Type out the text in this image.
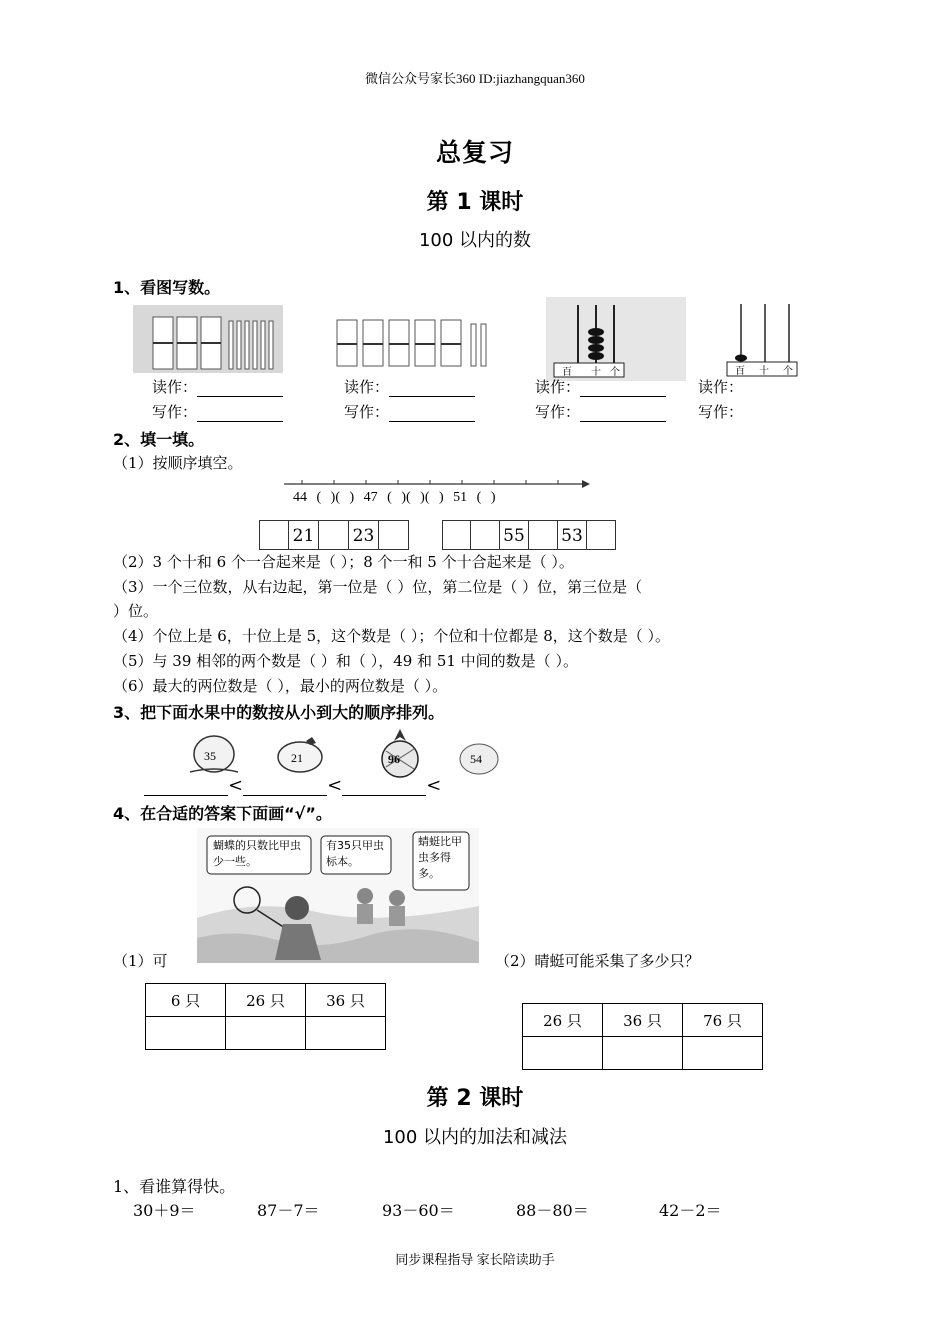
微信公众号家长360 ID:jiazhangquan360
总复习
第 1 课时
100 以内的数
1、看图写数。
百 十 个	百 十 个
读作：	读作：	读作：	读作：
写作：	写作：	写作：	写作：
2、填一填。
（1）按顺序填空。
44 ( )( ) 47 ( )( )( ) 51 ( )
21 23	55 53
（2）3 个十和 6 个一合起来是（ ）；8 个一和 5 个十合起来是（ ）。
（3）一个三位数，从右边起，第一位是（ ）位，第二位是（ ）位，第三位是（
）位。
（4）个位上是 6，十位上是 5，这个数是（ ）；个位和十位都是 8，这个数是（ ）。
（5）与 39 相邻的两个数是（ ）和（ ），49 和 51 中间的数是（ ）。
（6）最大的两位数是（ ），最小的两位数是（ ）。
3、把下面水果中的数按从小到大的顺序排列。
35	21	96	54
<	<	<
4、在合适的答案下面画“√”。
蝴蝶的只数比甲虫少一些。
有35只甲虫标本。
蜻蜓比甲虫多得多。
（1）可	（2）晴蜓可能采集了多少只？
6 只	26 只	36 只

26 只	36 只	76 只

第 2 课时
100 以内的加法和减法
1、看谁算得快。
30＋9＝	87－7＝	93－60＝	88－80＝	42－2＝
同步课程指导 家长陪读助手
